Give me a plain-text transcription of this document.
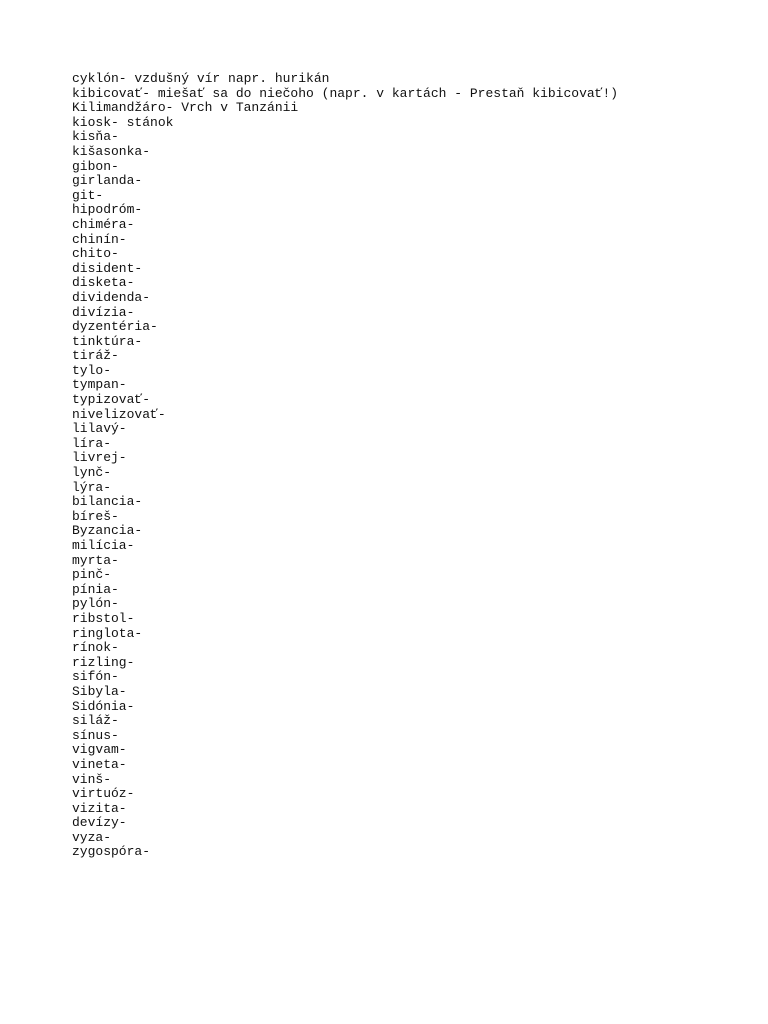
cyklón- vzdušný vír napr. hurikán
kibicovať- miešať sa do niečoho (napr. v kartách - Prestaň kibicovať!)
Kilimandžáro- Vrch v Tanzánii
kiosk- stánok
kisňa-
kišasonka-
gibon-
girlanda-
git-
hipodróm-
chiméra-
chinín-
chito-
disident-
disketa-
dividenda-
divízia-
dyzentéria-
tinktúra-
tiráž-
tylo-
tympan-
typizovať-
nivelizovať-
lilavý-
líra-
livrej-
lynč-
lýra-
bilancia-
bíreš-
Byzancia-
milícia-
myrta-
pinč-
pínia-
pylón-
ribstol-
ringlota-
rínok-
rizling-
sifón-
Sibyla-
Sidónia-
siláž-
sínus-
vigvam-
vineta-
vinš-
virtuóz-
vizita-
devízy-
vyza-
zygospóra-
